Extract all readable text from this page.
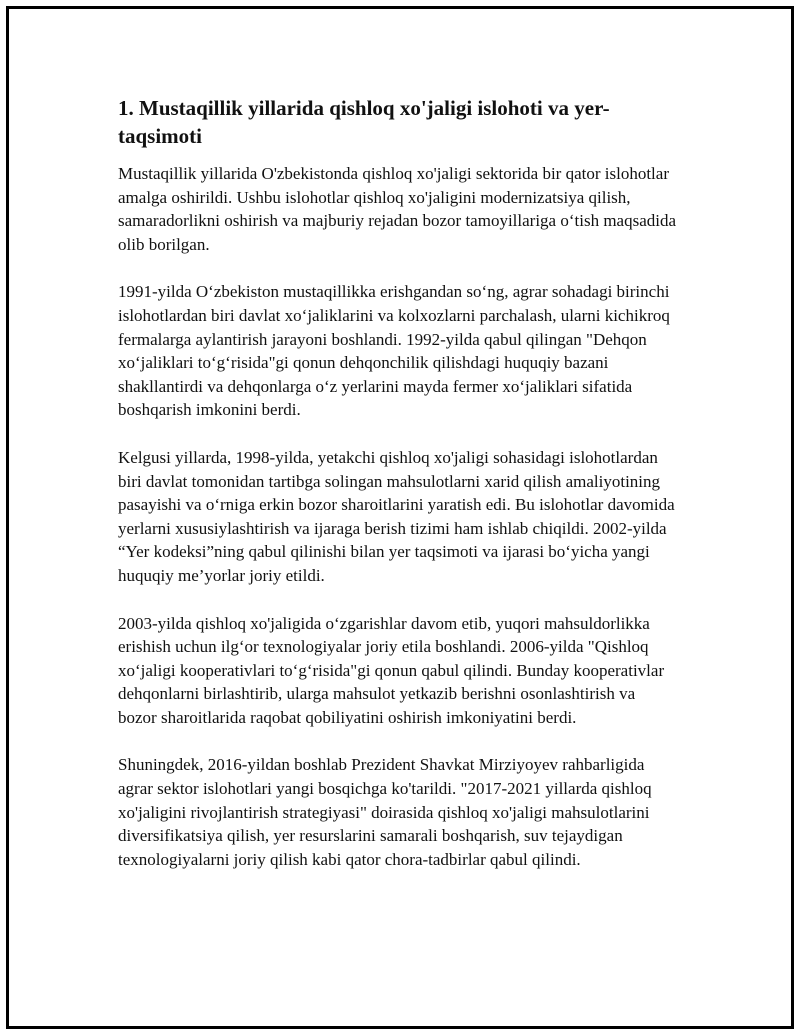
1. Mustaqillik yillarida qishloq xo'jaligi islohoti va yer-taqsimoti

Mustaqillik yillarida O'zbekistonda qishloq xo'jaligi sektorida bir qator islohotlar amalga oshirildi. Ushbu islohotlar qishloq xo'jaligini modernizatsiya qilish, samaradorlikni oshirish va majburiy rejadan bozor tamoyillariga o‘tish maqsadida olib borilgan.

1991-yilda O‘zbekiston mustaqillikka erishgandan so‘ng, agrar sohadagi birinchi islohotlardan biri davlat xo‘jaliklarini va kolxozlarni parchalash, ularni kichikroq fermalarga aylantirish jarayoni boshlandi. 1992-yilda qabul qilingan "Dehqon xo‘jaliklari to‘g‘risida"gi qonun dehqonchilik qilishdagi huquqiy bazani shakllantirdi va dehqonlarga o‘z yerlarini mayda fermer xo‘jaliklari sifatida boshqarish imkonini berdi.

Kelgusi yillarda, 1998-yilda, yetakchi qishloq xo'jaligi sohasidagi islohotlardan biri davlat tomonidan tartibga solingan mahsulotlarni xarid qilish amaliyotining pasayishi va o‘rniga erkin bozor sharoitlarini yaratish edi. Bu islohotlar davomida yerlarni xususiylashtirish va ijaraga berish tizimi ham ishlab chiqildi. 2002-yilda “Yer kodeksi”ning qabul qilinishi bilan yer taqsimoti va ijarasi bo‘yicha yangi huquqiy me’yorlar joriy etildi.

2003-yilda qishloq xo'jaligida o‘zgarishlar davom etib, yuqori mahsuldorlikka erishish uchun ilg‘or texnologiyalar joriy etila boshlandi. 2006-yilda "Qishloq xo‘jaligi kooperativlari to‘g‘risida"gi qonun qabul qilindi. Bunday kooperativlar dehqonlarni birlashtirib, ularga mahsulot yetkazib berishni osonlashtirish va bozor sharoitlarida raqobat qobiliyatini oshirish imkoniyatini berdi.

Shuningdek, 2016-yildan boshlab Prezident Shavkat Mirziyoyev rahbarligida agrar sektor islohotlari yangi bosqichga ko'tarildi. "2017-2021 yillarda qishloq xo'jaligini rivojlantirish strategiyasi" doirasida qishloq xo'jaligi mahsulotlarini diversifikatsiya qilish, yer resurslarini samarali boshqarish, suv tejaydigan texnologiyalarni joriy qilish kabi qator chora-tadbirlar qabul qilindi.
